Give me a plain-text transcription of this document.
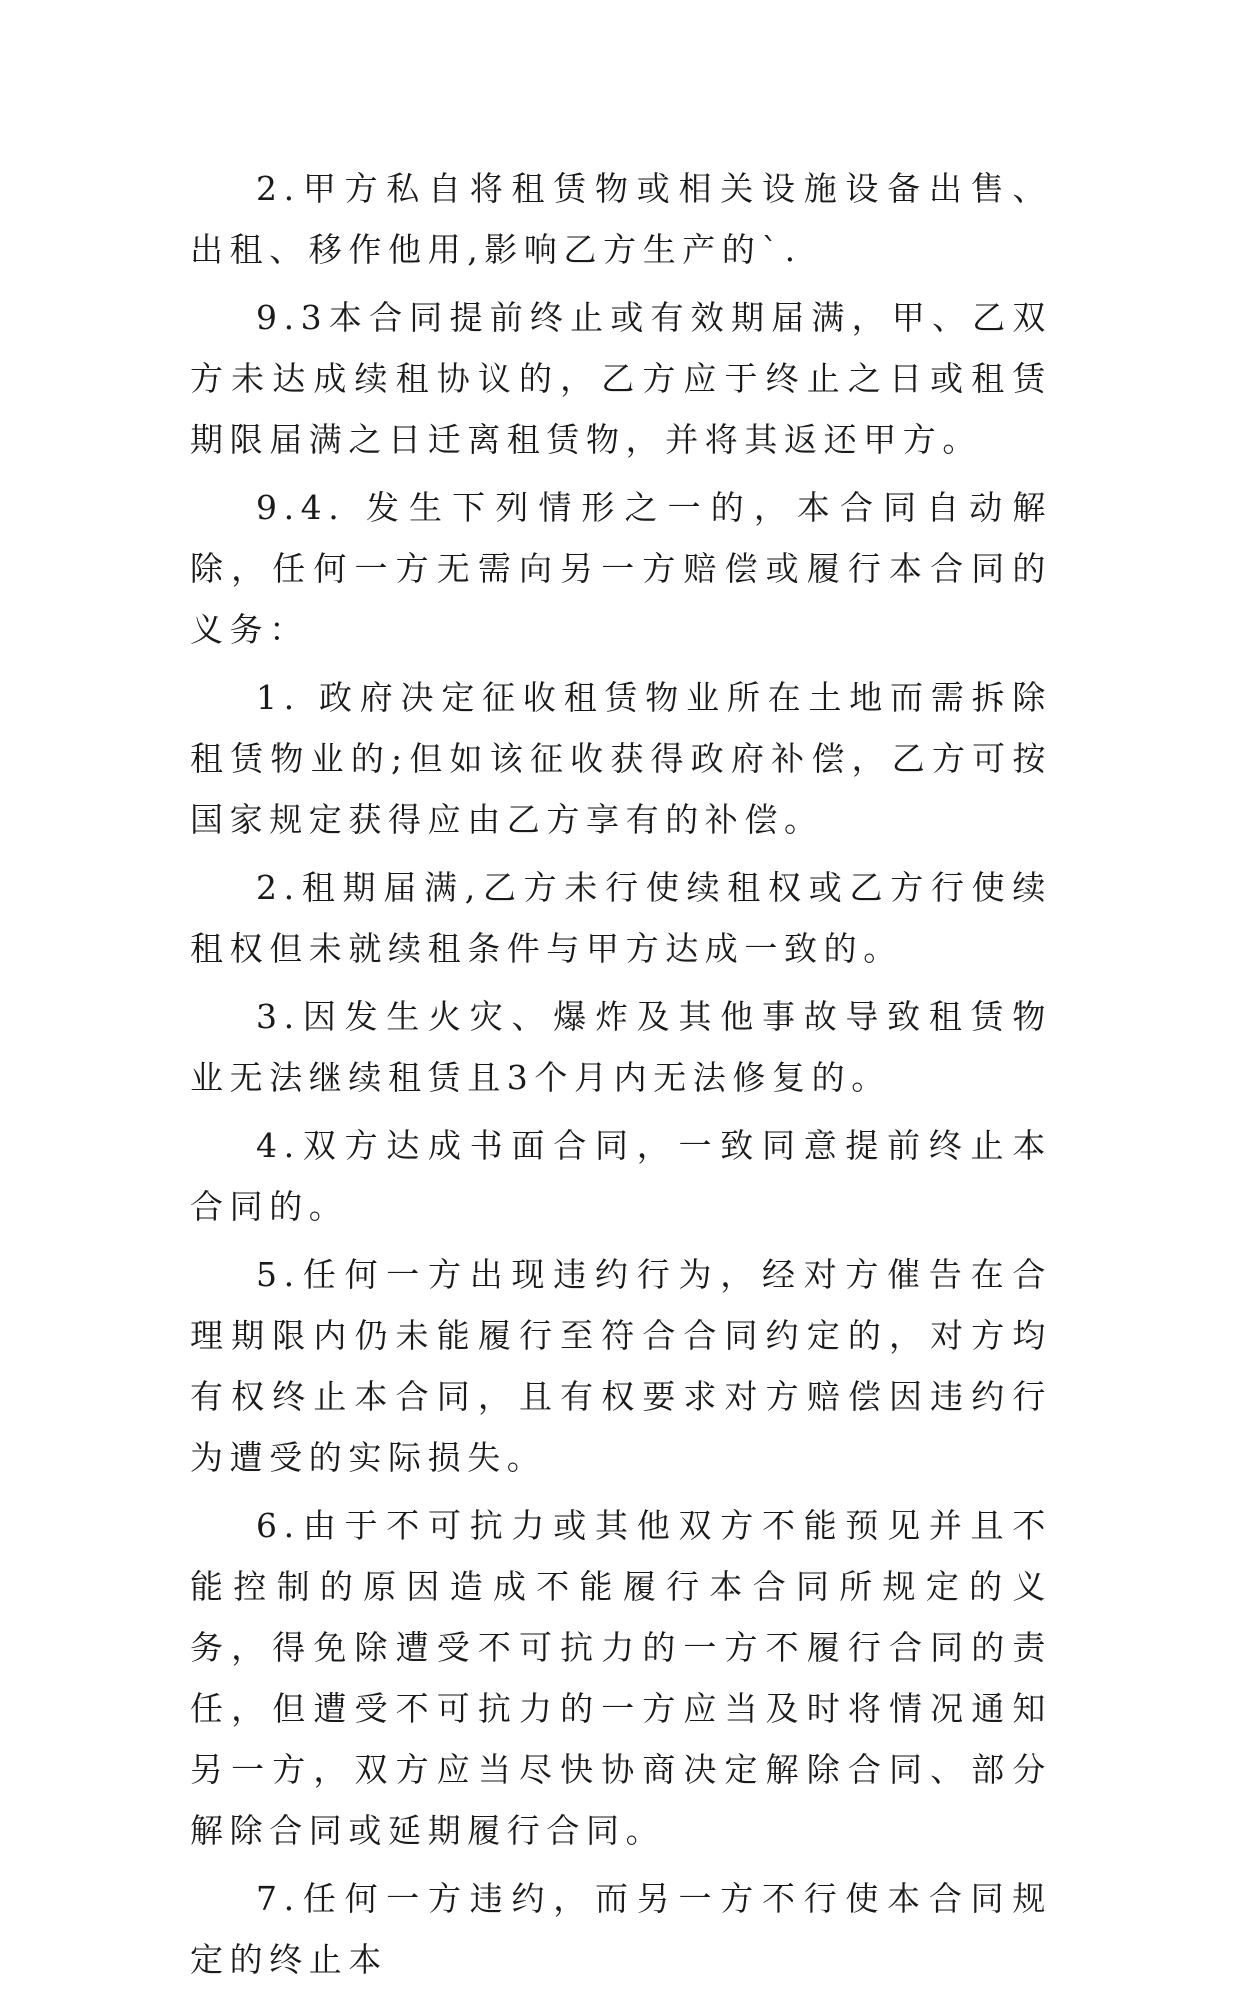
2.甲方私自将租赁物或相关设施设备出售、出租、移作他用,影响乙方生产的`.

9.3本合同提前终止或有效期届满，甲、乙双方未达成续租协议的，乙方应于终止之日或租赁期限届满之日迁离租赁物，并将其返还甲方。

9.4. 发生下列情形之一的，本合同自动解除，任何一方无需向另一方赔偿或履行本合同的义务：

1. 政府决定征收租赁物业所在土地而需拆除租赁物业的;但如该征收获得政府补偿，乙方可按国家规定获得应由乙方享有的补偿。

2.租期届满,乙方未行使续租权或乙方行使续租权但未就续租条件与甲方达成一致的。

3.因发生火灾、爆炸及其他事故导致租赁物业无法继续租赁且3个月内无法修复的。

4.双方达成书面合同，一致同意提前终止本合同的。

5.任何一方出现违约行为，经对方催告在合理期限内仍未能履行至符合合同约定的，对方均有权终止本合同，且有权要求对方赔偿因违约行为遭受的实际损失。

6.由于不可抗力或其他双方不能预见并且不能控制的原因造成不能履行本合同所规定的义务，得免除遭受不可抗力的一方不履行合同的责任，但遭受不可抗力的一方应当及时将情况通知另一方，双方应当尽快协商决定解除合同、部分解除合同或延期履行合同。

7.任何一方违约，而另一方不行使本合同规定的终止本
